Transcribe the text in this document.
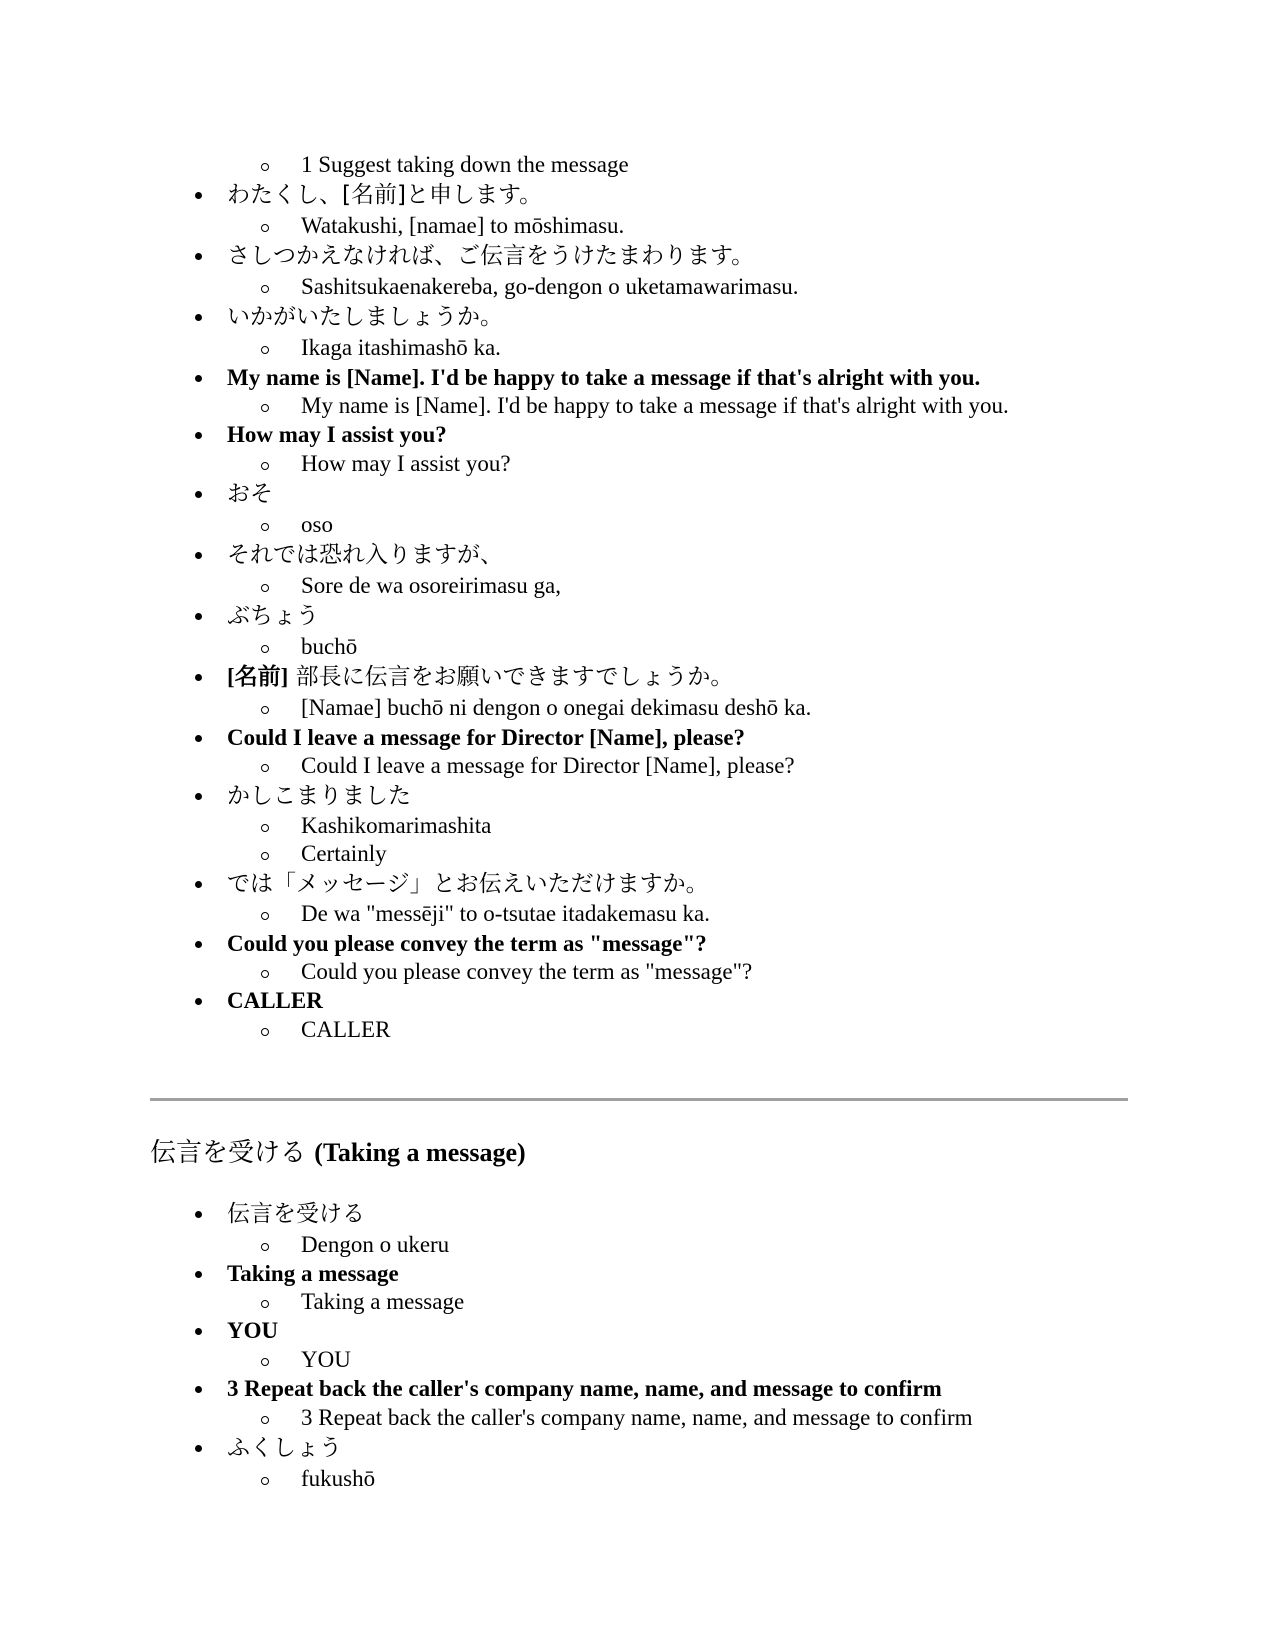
1 Suggest taking down the message
わたくし、[名前]と申します。
Watakushi, [namae] to mōshimasu.
さしつかえなければ、ご伝言をうけたまわります。
Sashitsukaenakereba, go-dengon o uketamawarimasu.
いかがいたしましょうか。
Ikaga itashimashō ka.
My name is [Name]. I'd be happy to take a message if that's alright with you.
My name is [Name]. I'd be happy to take a message if that's alright with you.
How may I assist you?
How may I assist you?
おそ
oso
それでは恐れ入りますが、
Sore de wa osoreirimasu ga,
ぶちょう
buchō
[名前] 部長に伝言をお願いできますでしょうか。
[Namae] buchō ni dengon o onegai dekimasu deshō ka.
Could I leave a message for Director [Name], please?
Could I leave a message for Director [Name], please?
かしこまりました
Kashikomarimashita
Certainly
では「メッセージ」とお伝えいただけますか。
De wa "messēji" to o-tsutae itadakemasu ka.
Could you please convey the term as "message"?
Could you please convey the term as "message"?
CALLER
CALLER
伝言を受ける (Taking a message)
伝言を受ける
Dengon o ukeru
Taking a message
Taking a message
YOU
YOU
3 Repeat back the caller's company name, name, and message to confirm
3 Repeat back the caller's company name, name, and message to confirm
ふくしょう
fukushō
